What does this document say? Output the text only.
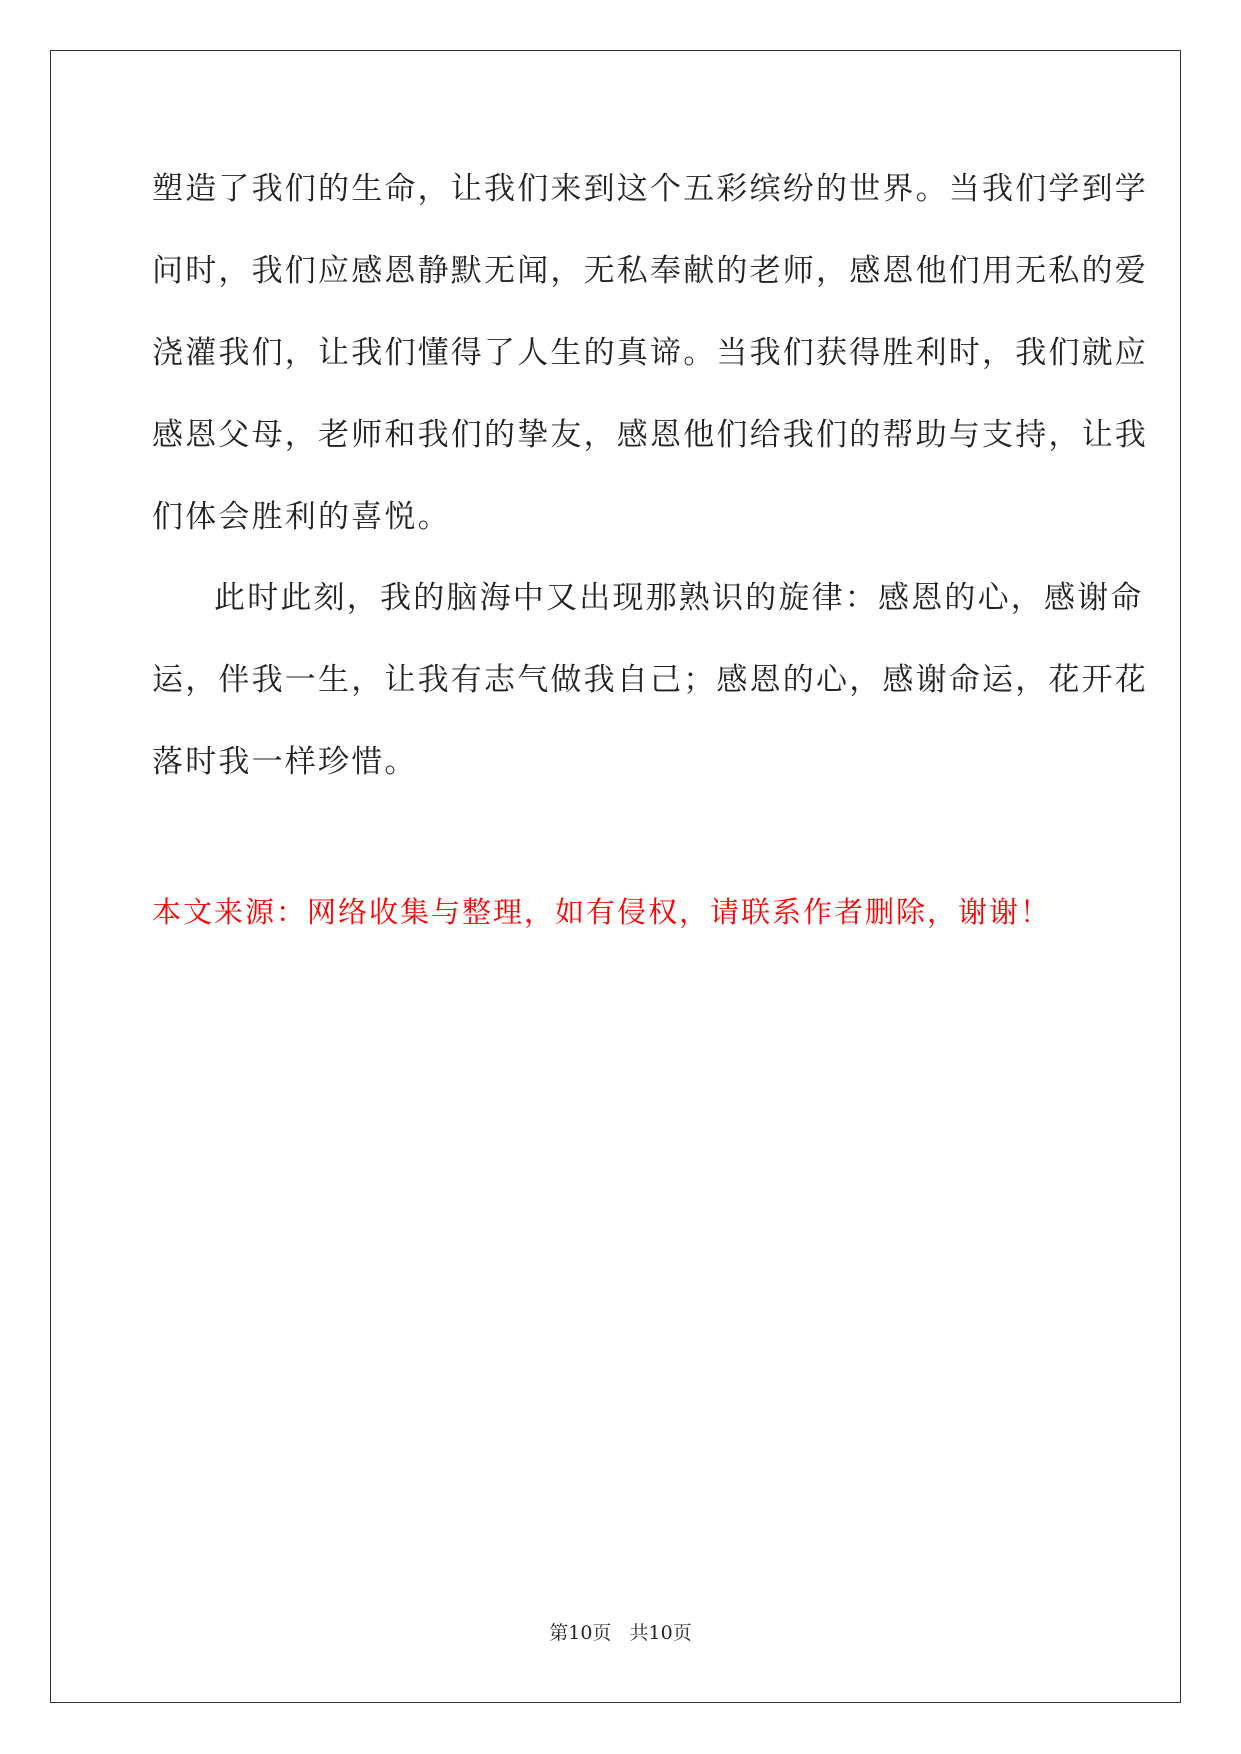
塑造了我们的生命，让我们来到这个五彩缤纷的世界。当我们学到学
问时，我们应感恩静默无闻，无私奉献的老师，感恩他们用无私的爱
浇灌我们，让我们懂得了人生的真谛。当我们获得胜利时，我们就应
感恩父母，老师和我们的挚友，感恩他们给我们的帮助与支持，让我
们体会胜利的喜悦。
此时此刻，我的脑海中又出现那熟识的旋律：感恩的心，感谢命
运，伴我一生，让我有志气做我自己；感恩的心，感谢命运，花开花
落时我一样珍惜。
本文来源：网络收集与整理，如有侵权，请联系作者删除，谢谢！
第10页   共10页
